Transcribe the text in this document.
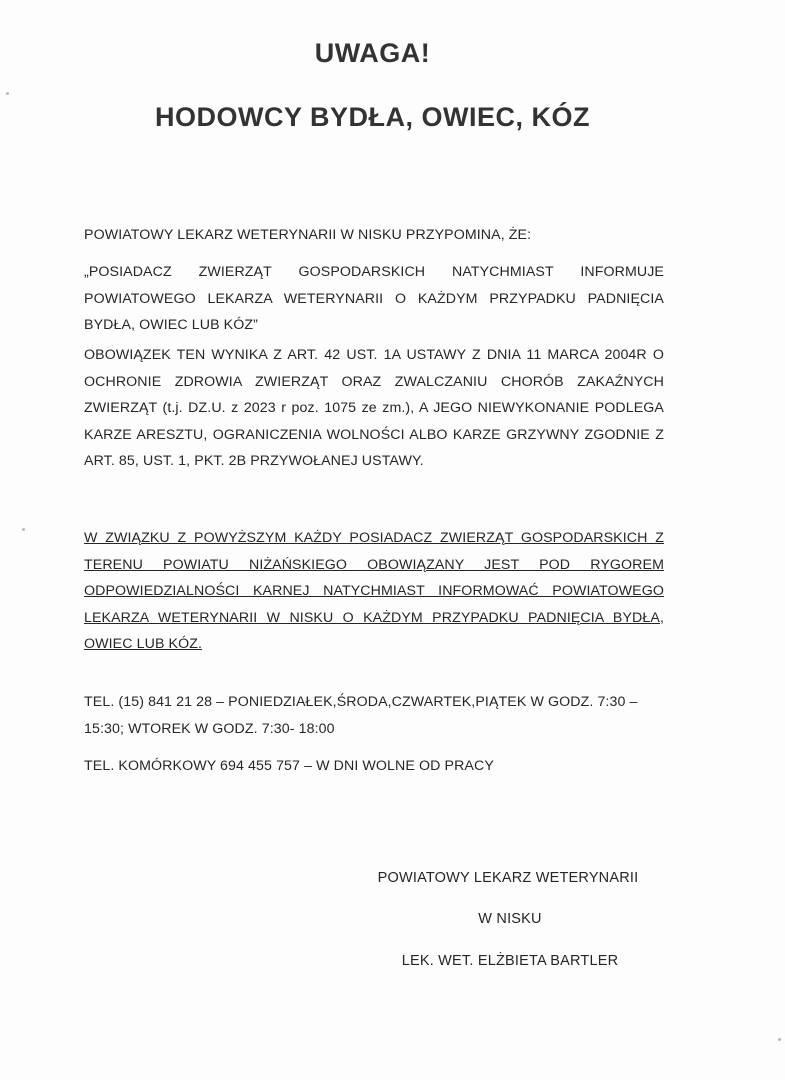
UWAGA!
HODOWCY BYDŁA, OWIEC, KÓZ
POWIATOWY LEKARZ WETERYNARII W NISKU PRZYPOMINA, ŻE:
„POSIADACZ ZWIERZĄT GOSPODARSKICH NATYCHMIAST INFORMUJE POWIATOWEGO LEKARZA WETERYNARII O KAŻDYM PRZYPADKU PADNIĘCIA BYDŁA, OWIEC LUB KÓZ”
OBOWIĄZEK TEN WYNIKA Z ART. 42 UST. 1A USTAWY Z DNIA 11 MARCA 2004R O OCHRONIE ZDROWIA ZWIERZĄT ORAZ ZWALCZANIU CHORÓB ZAKAŹNYCH ZWIERZĄT (t.j. DZ.U. z 2023 r poz. 1075 ze zm.), A JEGO NIEWYKONANIE PODLEGA KARZE ARESZTU, OGRANICZENIA WOLNOŚCI ALBO KARZE GRZYWNY ZGODNIE Z ART. 85, UST. 1, PKT. 2B PRZYWOŁANEJ USTAWY.
W ZWIĄZKU Z POWYŻSZYM KAŻDY POSIADACZ ZWIERZĄT GOSPODARSKICH Z TERENU POWIATU NIŻAŃSKIEGO OBOWIĄZANY JEST POD RYGOREM ODPOWIEDZIALNOŚCI KARNEJ NATYCHMIAST INFORMOWAĆ POWIATOWEGO LEKARZA WETERYNARII W NISKU O KAŻDYM PRZYPADKU PADNIĘCIA BYDŁA, OWIEC LUB KÓZ.
TEL. (15) 841 21 28 – PONIEDZIAŁEK,ŚRODA,CZWARTEK,PIĄTEK W GODZ. 7:30 – 15:30; WTOREK W GODZ. 7:30- 18:00
TEL. KOMÓRKOWY 694 455 757 – W DNI WOLNE OD PRACY
POWIATOWY LEKARZ WETERYNARII
W NISKU
LEK. WET. ELŻBIETA BARTLER
